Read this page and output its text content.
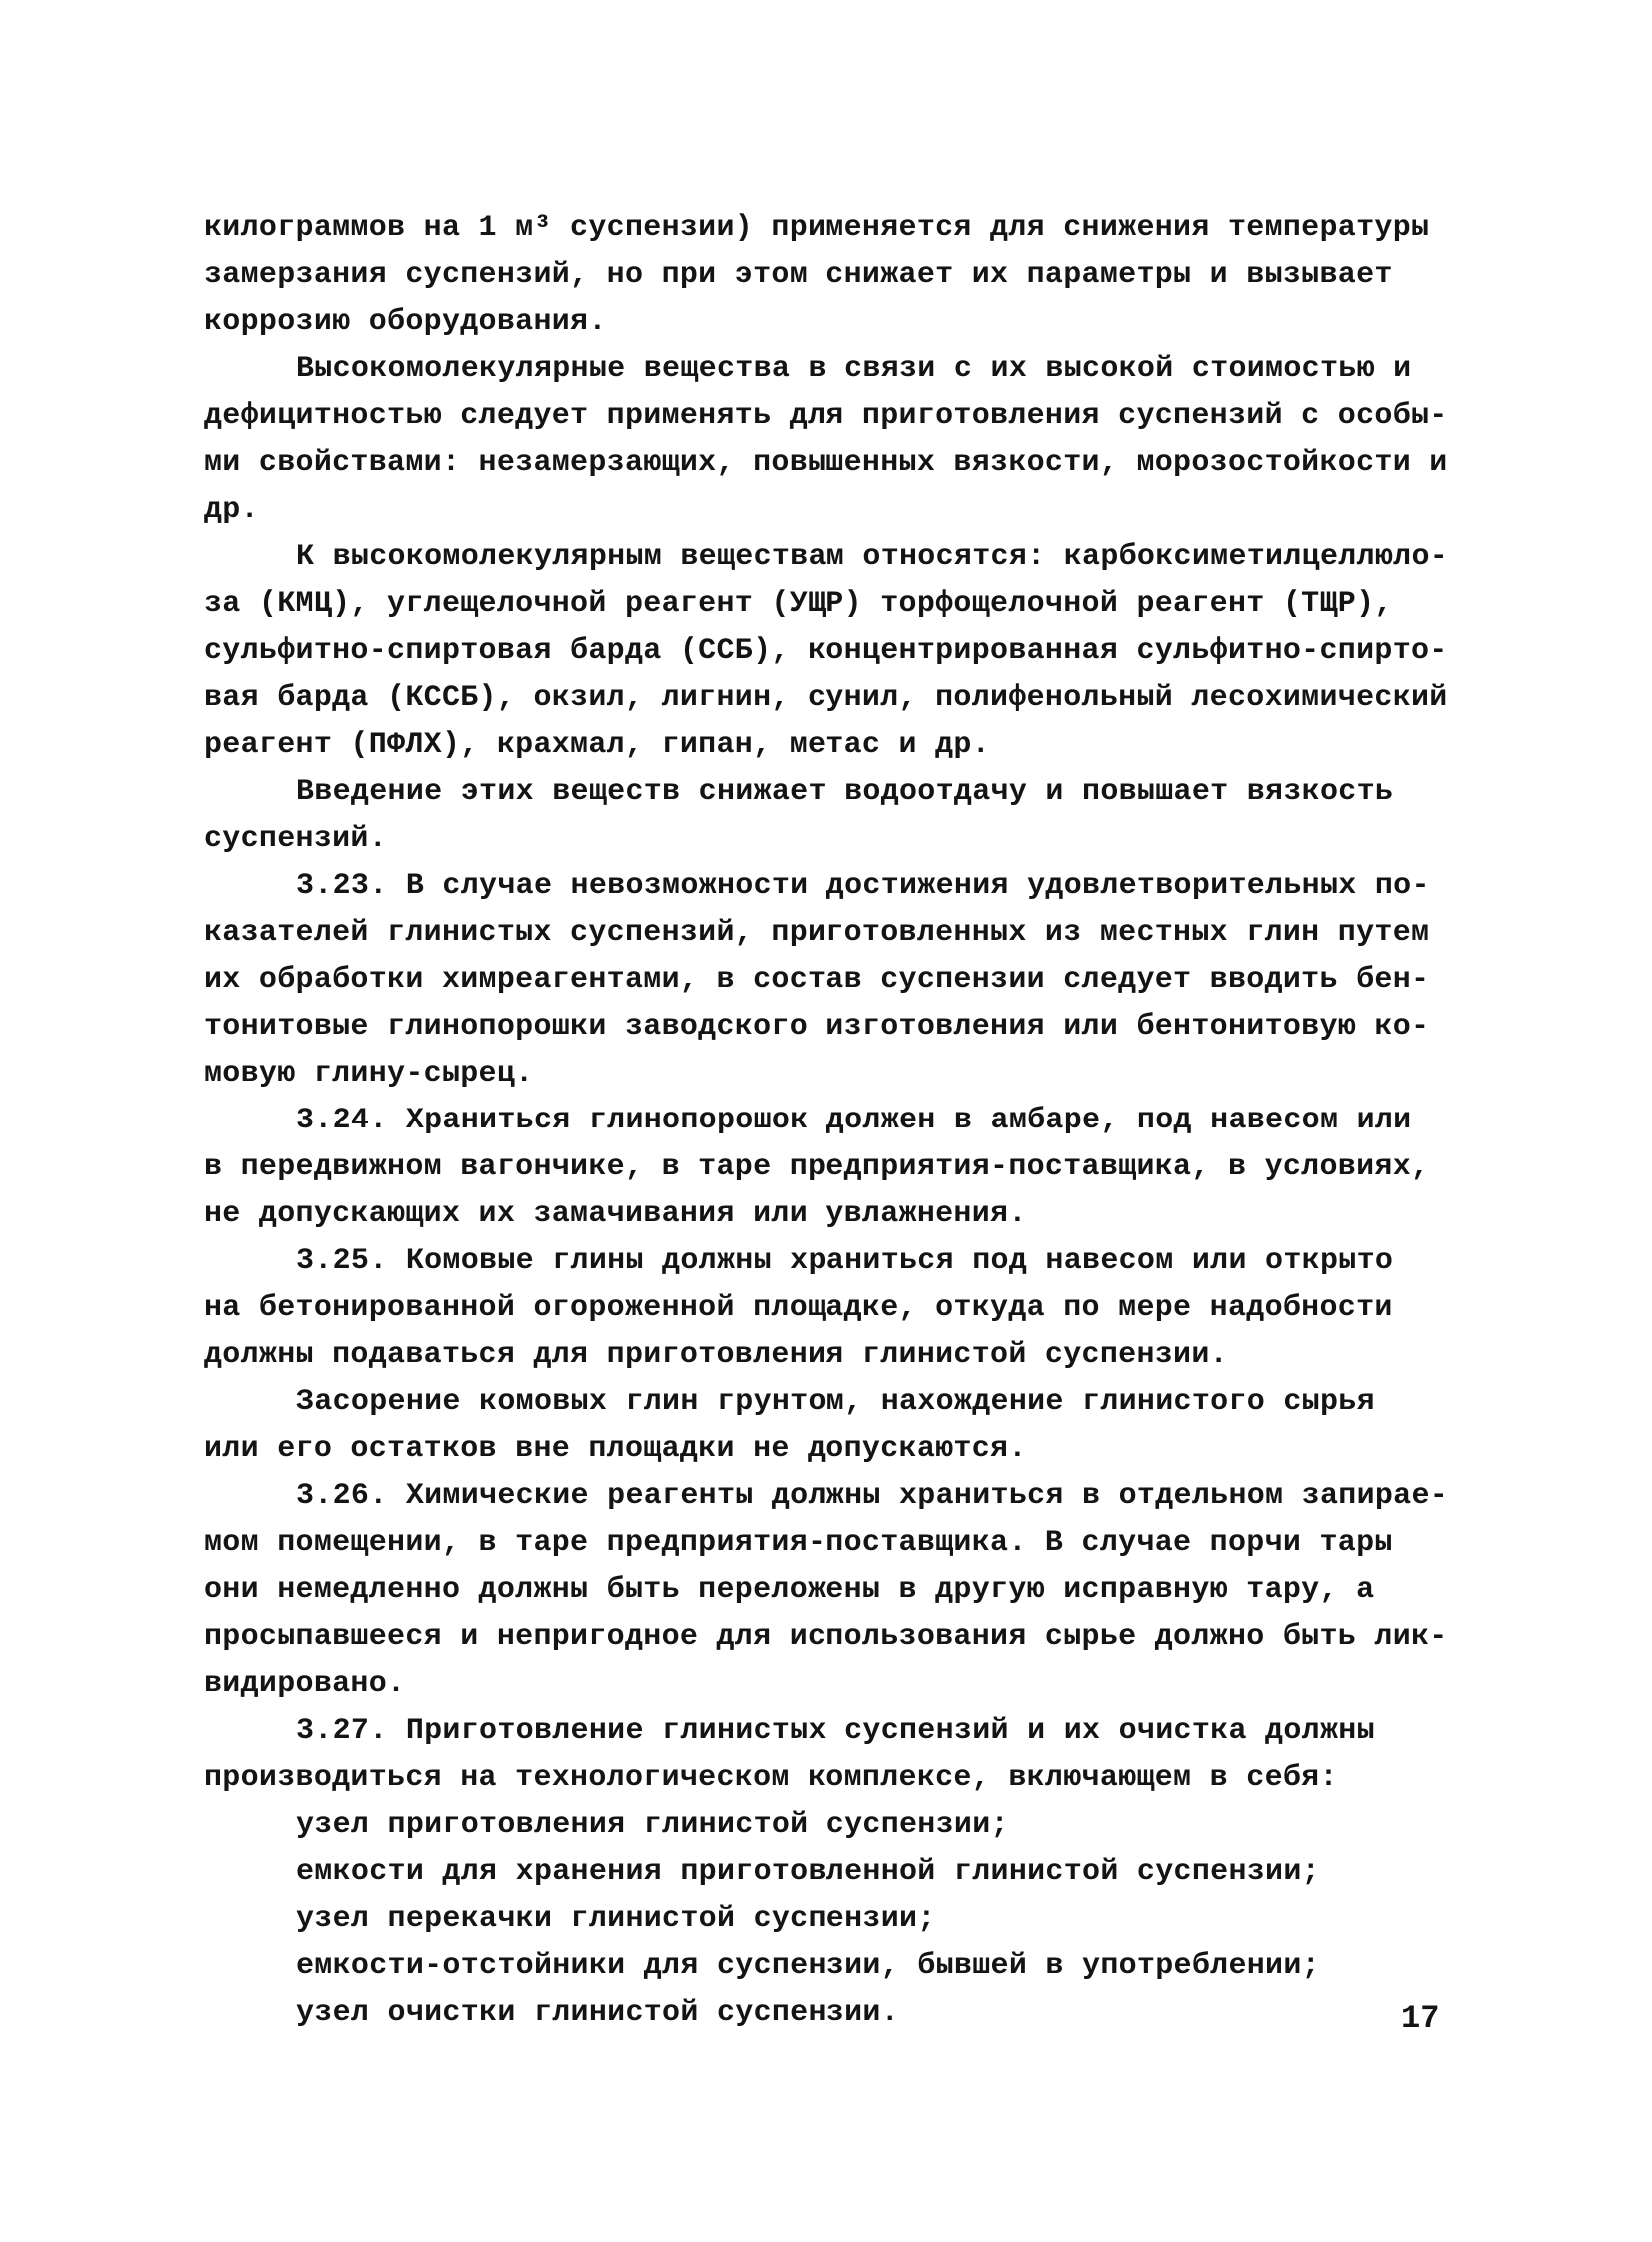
килограммов на 1 м³ суспензии) применяется для снижения температуры
замерзания суспензий, но при этом снижает их параметры и вызывает
коррозию оборудования.
Высокомолекулярные вещества в связи с их высокой стоимостью и
дефицитностью следует применять для приготовления суспензий с особы-
ми свойствами: незамерзающих, повышенных вязкости, морозостойкости и
др.
К высокомолекулярным веществам относятся: карбоксиметилцеллюло-
за (КМЦ), углещелочной реагент (УЩР) торфощелочной реагент (ТЩР),
сульфитно-спиртовая барда (ССБ), концентрированная сульфитно-спирто-
вая барда (КССБ), окзил, лигнин, сунил, полифенольный лесохимический
реагент (ПФЛХ), крахмал, гипан, метас и др.
Введение этих веществ снижает водоотдачу и повышает вязкость
суспензий.
3.23. В случае невозможности достижения удовлетворительных по-
казателей глинистых суспензий, приготовленных из местных глин путем
их обработки химреагентами, в состав суспензии следует вводить бен-
тонитовые глинопорошки заводского изготовления или бентонитовую ко-
мовую глину-сырец.
3.24. Храниться глинопорошок должен в амбаре, под навесом или
в передвижном вагончике, в таре предприятия-поставщика, в условиях,
не допускающих их замачивания или увлажнения.
3.25. Комовые глины должны храниться под навесом или открыто
на бетонированной огороженной площадке, откуда по мере надобности
должны подаваться для приготовления глинистой суспензии.
Засорение комовых глин грунтом, нахождение глинистого сырья
или его остатков вне площадки не допускаются.
3.26. Химические реагенты должны храниться в отдельном запирае-
мом помещении, в таре предприятия-поставщика. В случае порчи тары
они немедленно должны быть переложены в другую исправную тару, а
просыпавшееся и непригодное для использования сырье должно быть лик-
видировано.
3.27. Приготовление глинистых суспензий и их очистка должны
производиться на технологическом комплексе, включающем в себя:
узел приготовления глинистой суспензии;
емкости для хранения приготовленной глинистой суспензии;
узел перекачки глинистой суспензии;
емкости-отстойники для суспензии, бывшей в употреблении;
узел очистки глинистой суспензии.	17
